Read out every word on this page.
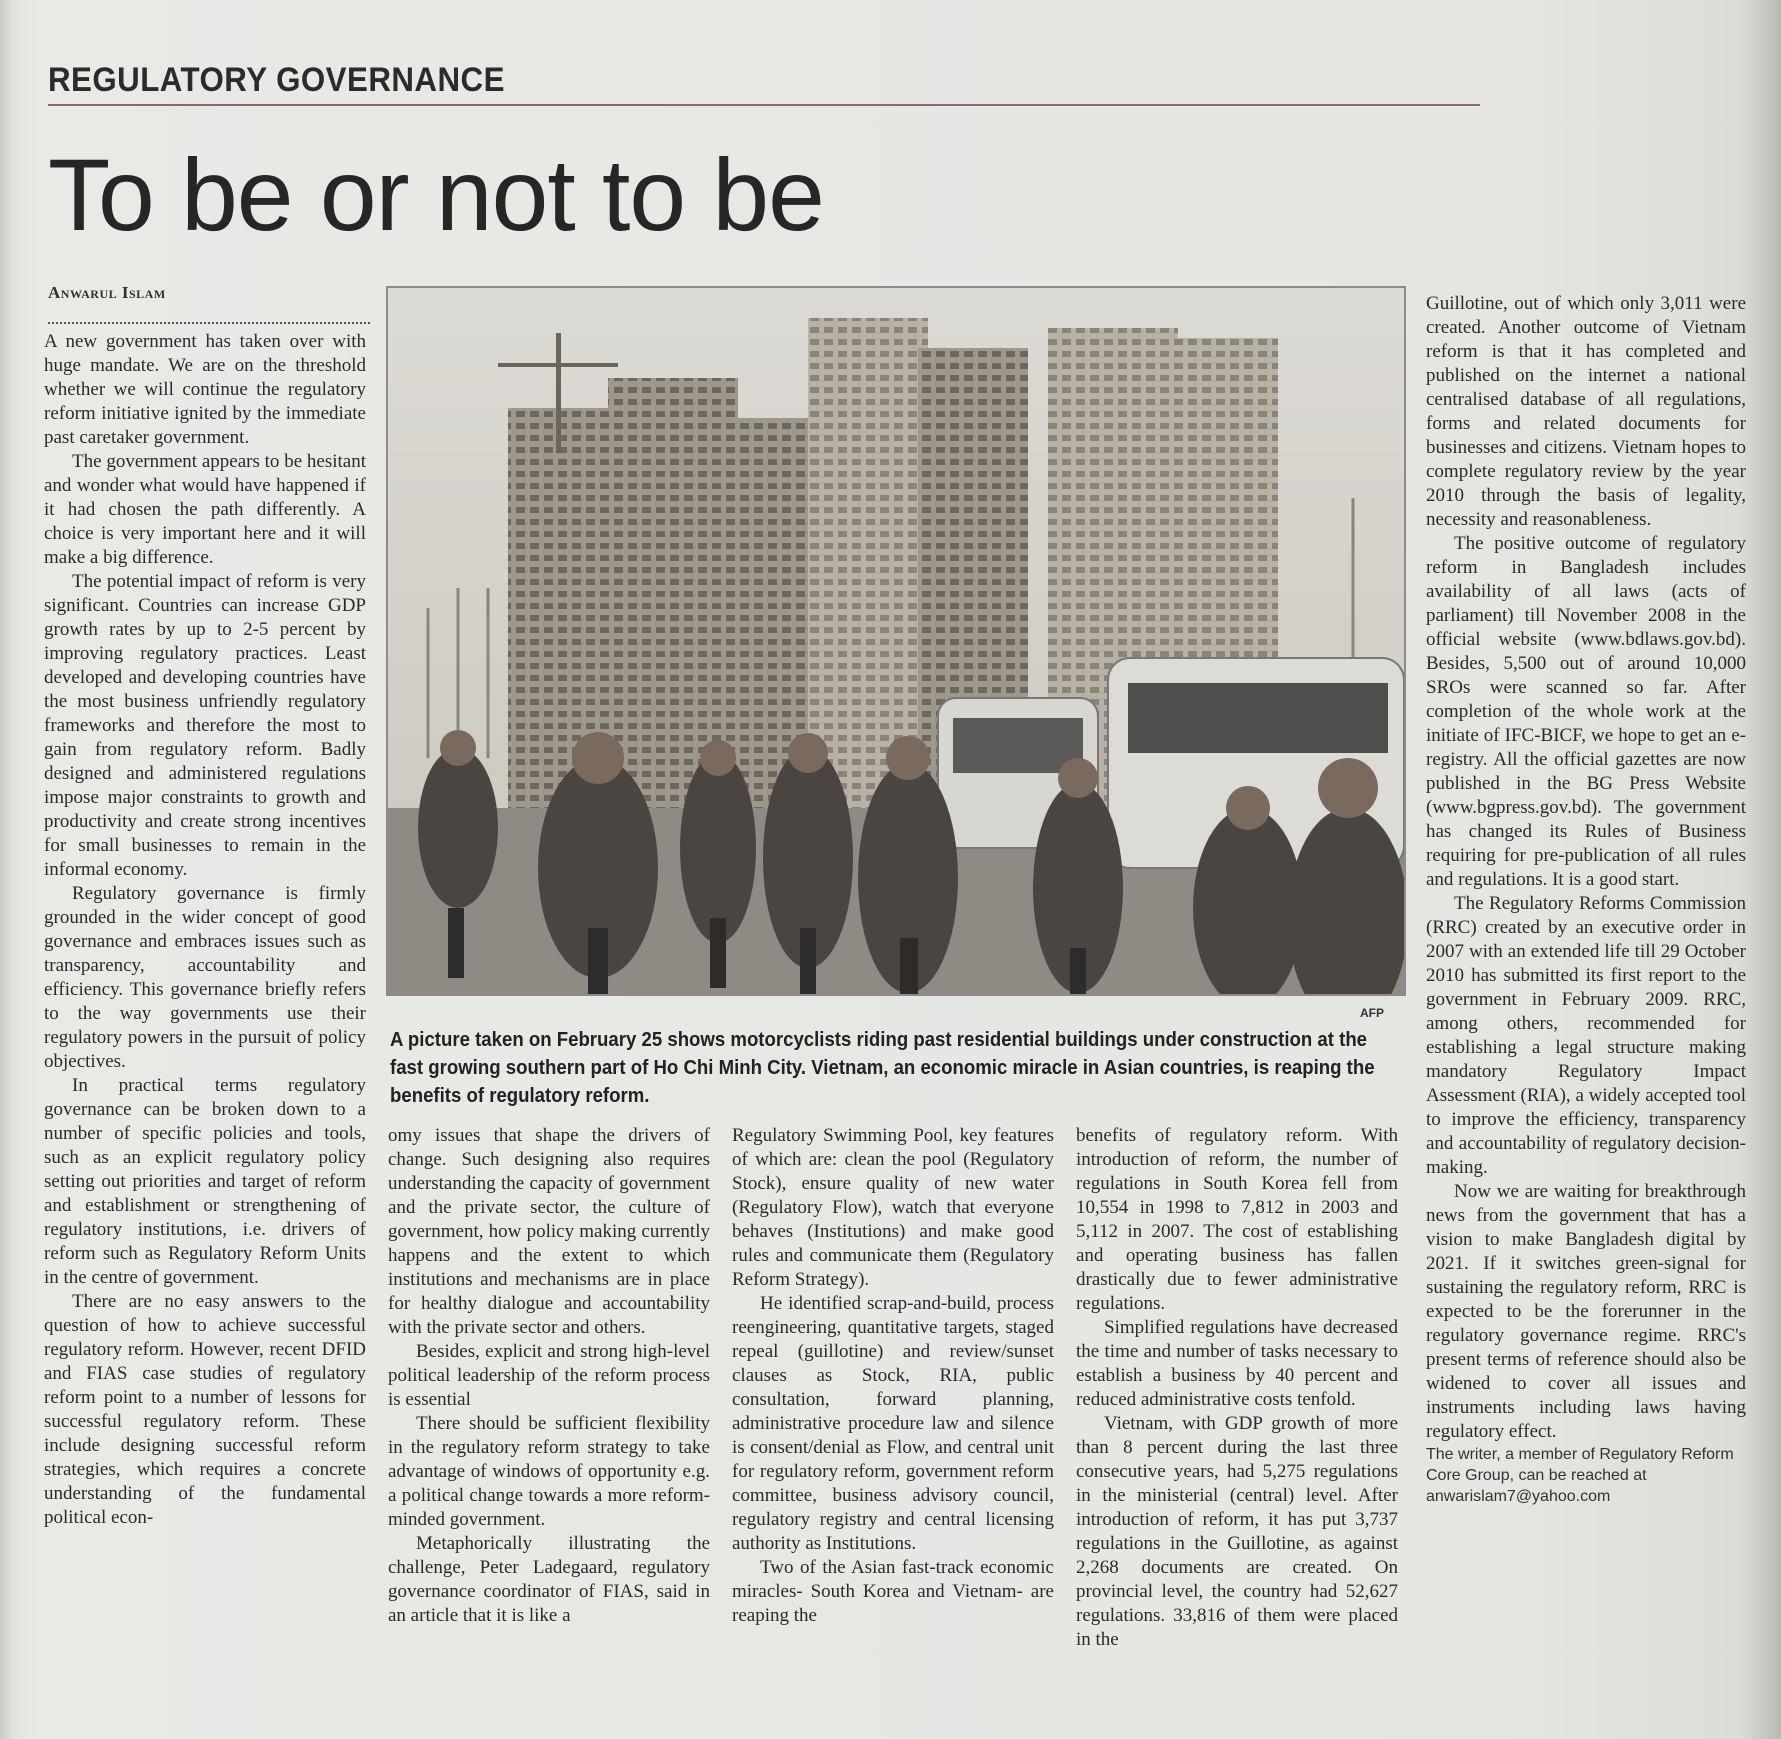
REGULATORY GOVERNANCE
To be or not to be
Anwarul Islam

A new government has taken over with huge mandate. We are on the threshold whether we will continue the regulatory reform initiative ignited by the immediate past caretaker government.

The government appears to be hesitant and wonder what would have happened if it had chosen the path differently. A choice is very important here and it will make a big difference.

The potential impact of reform is very significant. Countries can increase GDP growth rates by up to 2-5 percent by improving regulatory practices. Least developed and developing countries have the most business unfriendly regulatory frameworks and therefore the most to gain from regulatory reform. Badly designed and administered regulations impose major constraints to growth and productivity and create strong incentives for small businesses to remain in the informal economy.

Regulatory governance is firmly grounded in the wider concept of good governance and embraces issues such as transparency, accountability and efficiency. This governance briefly refers to the way governments use their regulatory powers in the pursuit of policy objectives.

In practical terms regulatory governance can be broken down to a number of specific policies and tools, such as an explicit regulatory policy setting out priorities and target of reform and establishment or strengthening of regulatory institutions, i.e. drivers of reform such as Regulatory Reform Units in the centre of government.

There are no easy answers to the question of how to achieve successful regulatory reform. However, recent DFID and FIAS case studies of regulatory reform point to a number of lessons for successful regulatory reform. These include designing successful reform strategies, which requires a concrete understanding of the fundamental political econ-

AFP
A picture taken on February 25 shows motorcyclists riding past residential buildings under construction at the fast growing southern part of Ho Chi Minh City. Vietnam, an economic miracle in Asian countries, is reaping the benefits of regulatory reform.

omy issues that shape the drivers of change. Such designing also requires understanding the capacity of government and the private sector, the culture of government, how policy making currently happens and the extent to which institutions and mechanisms are in place for healthy dialogue and accountability with the private sector and others.

Besides, explicit and strong high-level political leadership of the reform process is essential

There should be sufficient flexibility in the regulatory reform strategy to take advantage of windows of opportunity e.g. a political change towards a more reform-minded government.

Metaphorically illustrating the challenge, Peter Ladegaard, regulatory governance coordinator of FIAS, said in an article that it is like a

Regulatory Swimming Pool, key features of which are: clean the pool (Regulatory Stock), ensure quality of new water (Regulatory Flow), watch that everyone behaves (Institutions) and make good rules and communicate them (Regulatory Reform Strategy).

He identified scrap-and-build, process reengineering, quantitative targets, staged repeal (guillotine) and review/sunset clauses as Stock, RIA, public consultation, forward planning, administrative procedure law and silence is consent/denial as Flow, and central unit for regulatory reform, government reform committee, business advisory council, regulatory registry and central licensing authority as Institutions.

Two of the Asian fast-track economic miracles- South Korea and Vietnam- are reaping the

benefits of regulatory reform. With introduction of reform, the number of regulations in South Korea fell from 10,554 in 1998 to 7,812 in 2003 and 5,112 in 2007. The cost of establishing and operating business has fallen drastically due to fewer administrative regulations.

Simplified regulations have decreased the time and number of tasks necessary to establish a business by 40 percent and reduced administrative costs tenfold.

Vietnam, with GDP growth of more than 8 percent during the last three consecutive years, had 5,275 regulations in the ministerial (central) level. After introduction of reform, it has put 3,737 regulations in the Guillotine, as against 2,268 documents are created. On provincial level, the country had 52,627 regulations. 33,816 of them were placed in the

Guillotine, out of which only 3,011 were created. Another outcome of Vietnam reform is that it has completed and published on the internet a national centralised database of all regulations, forms and related documents for businesses and citizens. Vietnam hopes to complete regulatory review by the year 2010 through the basis of legality, necessity and reasonableness.

The positive outcome of regulatory reform in Bangladesh includes availability of all laws (acts of parliament) till November 2008 in the official website (www.bdlaws.gov.bd). Besides, 5,500 out of around 10,000 SROs were scanned so far. After completion of the whole work at the initiate of IFC-BICF, we hope to get an e-registry. All the official gazettes are now published in the BG Press Website (www.bgpress.gov.bd). The government has changed its Rules of Business requiring for pre-publication of all rules and regulations. It is a good start.

The Regulatory Reforms Commission (RRC) created by an executive order in 2007 with an extended life till 29 October 2010 has submitted its first report to the government in February 2009. RRC, among others, recommended for establishing a legal structure making mandatory Regulatory Impact Assessment (RIA), a widely accepted tool to improve the efficiency, transparency and accountability of regulatory decision-making.

Now we are waiting for breakthrough news from the government that has a vision to make Bangladesh digital by 2021. If it switches green-signal for sustaining the regulatory reform, RRC is expected to be the forerunner in the regulatory governance regime. RRC's present terms of reference should also be widened to cover all issues and instruments including laws having regulatory effect.

The writer, a member of Regulatory Reform Core Group, can be reached at anwarislam7@yahoo.com
